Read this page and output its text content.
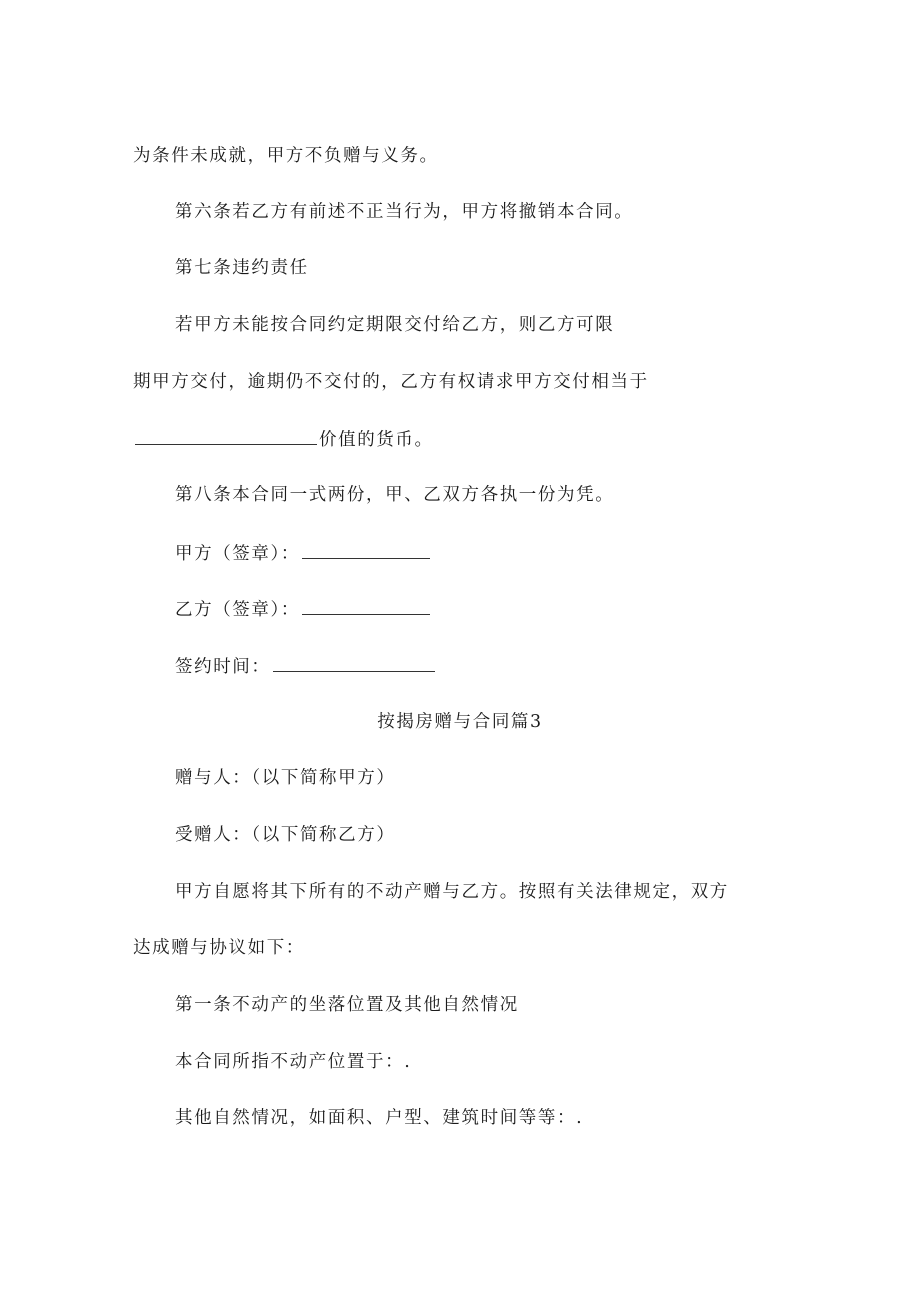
为条件未成就，甲方不负赠与义务。
第六条若乙方有前述不正当行为，甲方将撤销本合同。
第七条违约责任
若甲方未能按合同约定期限交付给乙方，则乙方可限
期甲方交付，逾期仍不交付的，乙方有权请求甲方交付相当于
价值的货币。
第八条本合同一式两份，甲、乙双方各执一份为凭。
甲方（签章）：
乙方（签章）：
签约时间：
按揭房赠与合同篇3
赠与人：（以下简称甲方）
受赠人：（以下简称乙方）
甲方自愿将其下所有的不动产赠与乙方。按照有关法律规定，双方
达成赠与协议如下：
第一条不动产的坐落位置及其他自然情况
本合同所指不动产位置于：.
其他自然情况，如面积、户型、建筑时间等等：.
